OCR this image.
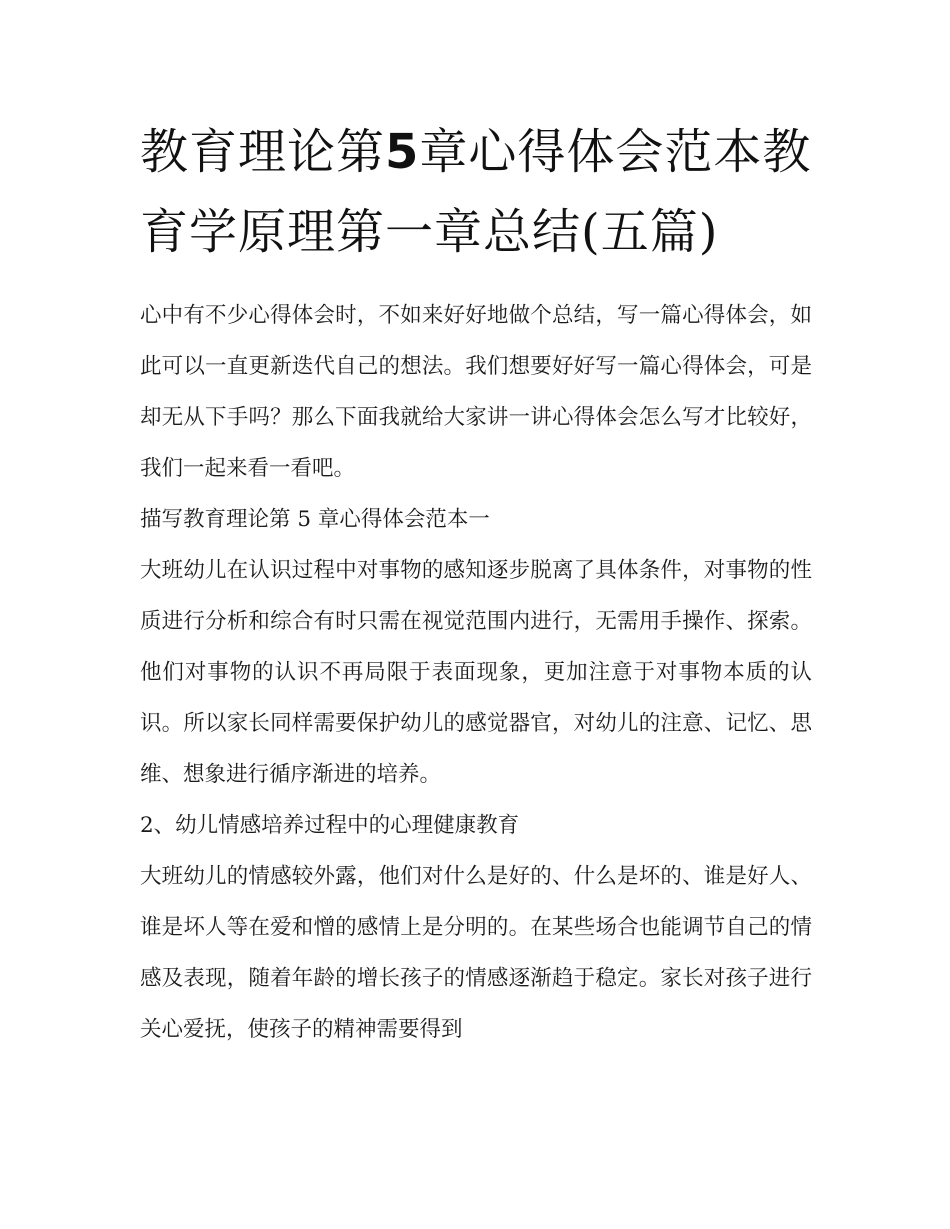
教育理论第5章心得体会范本教育学原理第一章总结(五篇)

心中有不少心得体会时，不如来好好地做个总结，写一篇心得体会，如此可以一直更新迭代自己的想法。我们想要好好写一篇心得体会，可是却无从下手吗？那么下面我就给大家讲一讲心得体会怎么写才比较好，我们一起来看一看吧。

描写教育理论第 5 章心得体会范本一

大班幼儿在认识过程中对事物的感知逐步脱离了具体条件，对事物的性质进行分析和综合有时只需在视觉范围内进行，无需用手操作、探索。他们对事物的认识不再局限于表面现象，更加注意于对事物本质的认识。所以家长同样需要保护幼儿的感觉器官，对幼儿的注意、记忆、思维、想象进行循序渐进的培养。

2、幼儿情感培养过程中的心理健康教育

大班幼儿的情感较外露，他们对什么是好的、什么是坏的、谁是好人、谁是坏人等在爱和憎的感情上是分明的。在某些场合也能调节自己的情感及表现，随着年龄的增长孩子的情感逐渐趋于稳定。家长对孩子进行关心爱抚，使孩子的精神需要得到
